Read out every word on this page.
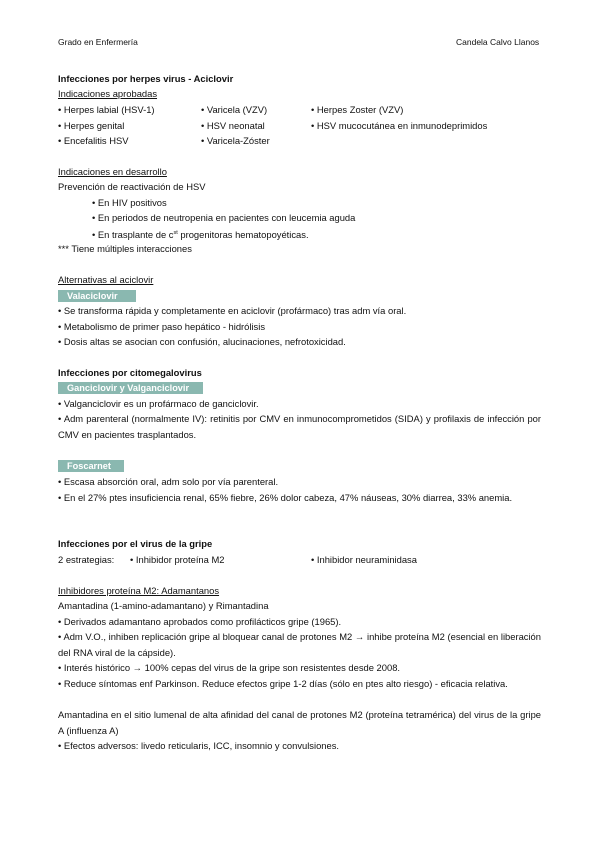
Grado en Enfermería	Candela Calvo Llanos
Infecciones por herpes virus - Aciclovir
Indicaciones aprobadas
• Herpes labial (HSV-1)
• Herpes genital
• Encefalitis HSV
• Varicela (VZV)
• HSV neonatal
• Varicela-Zóster
• Herpes Zoster (VZV)
• HSV mucocutánea en inmunodeprimidos
Indicaciones en desarrollo
Prevención de reactivación de HSV
• En HIV positivos
• En periodos de neutropenia en pacientes con leucemia aguda
• En trasplante de $c^{st}$ progenitoras hematopoyéticas.
*** Tiene múltiples interacciones
Alternativas al aciclovir
Valaciclovir
• Se transforma rápida y completamente en aciclovir (profármaco) tras adm vía oral.
• Metabolismo de primer paso hepático - hidrólisis
• Dosis altas se asocian con confusión, alucinaciones, nefrotoxicidad.
Infecciones por citomegalovirus
Ganciclovir y Valganciclovir
• Valganciclovir es un profármaco de ganciclovir.
• Adm parenteral (normalmente IV): retinitis por CMV en inmunocomprometidos (SIDA) y profilaxis de infección por CMV en pacientes trasplantados.
Foscarnet
• Escasa absorción oral, adm solo por vía parenteral.
• En el 27% ptes insuficiencia renal, 65% fiebre, 26% dolor cabeza, 47% náuseas, 30% diarrea, 33% anemia.
Infecciones por el virus de la gripe
2 estrategias: • Inhibidor proteína M2	• Inhibidor neuraminidasa
Inhibidores proteína M2: Adamantanos
Amantadina (1-amino-adamantano) y Rimantadina
• Derivados adamantano aprobados como profilácticos gripe (1965).
• Adm V.O., inhiben replicación gripe al bloquear canal de protones M2 → inhibe proteína M2 (esencial en liberación del RNA viral de la cápside).
• Interés histórico → 100% cepas del virus de la gripe son resistentes desde 2008.
• Reduce síntomas enf Parkinson. Reduce efectos gripe 1-2 días (sólo en ptes alto riesgo) - eficacia relativa.
Amantadina en el sitio lumenal de alta afinidad del canal de protones M2 (proteína tetramérica) del virus de la gripe A (influenza A)
• Efectos adversos: livedo reticularis, ICC, insomnio y convulsiones.
